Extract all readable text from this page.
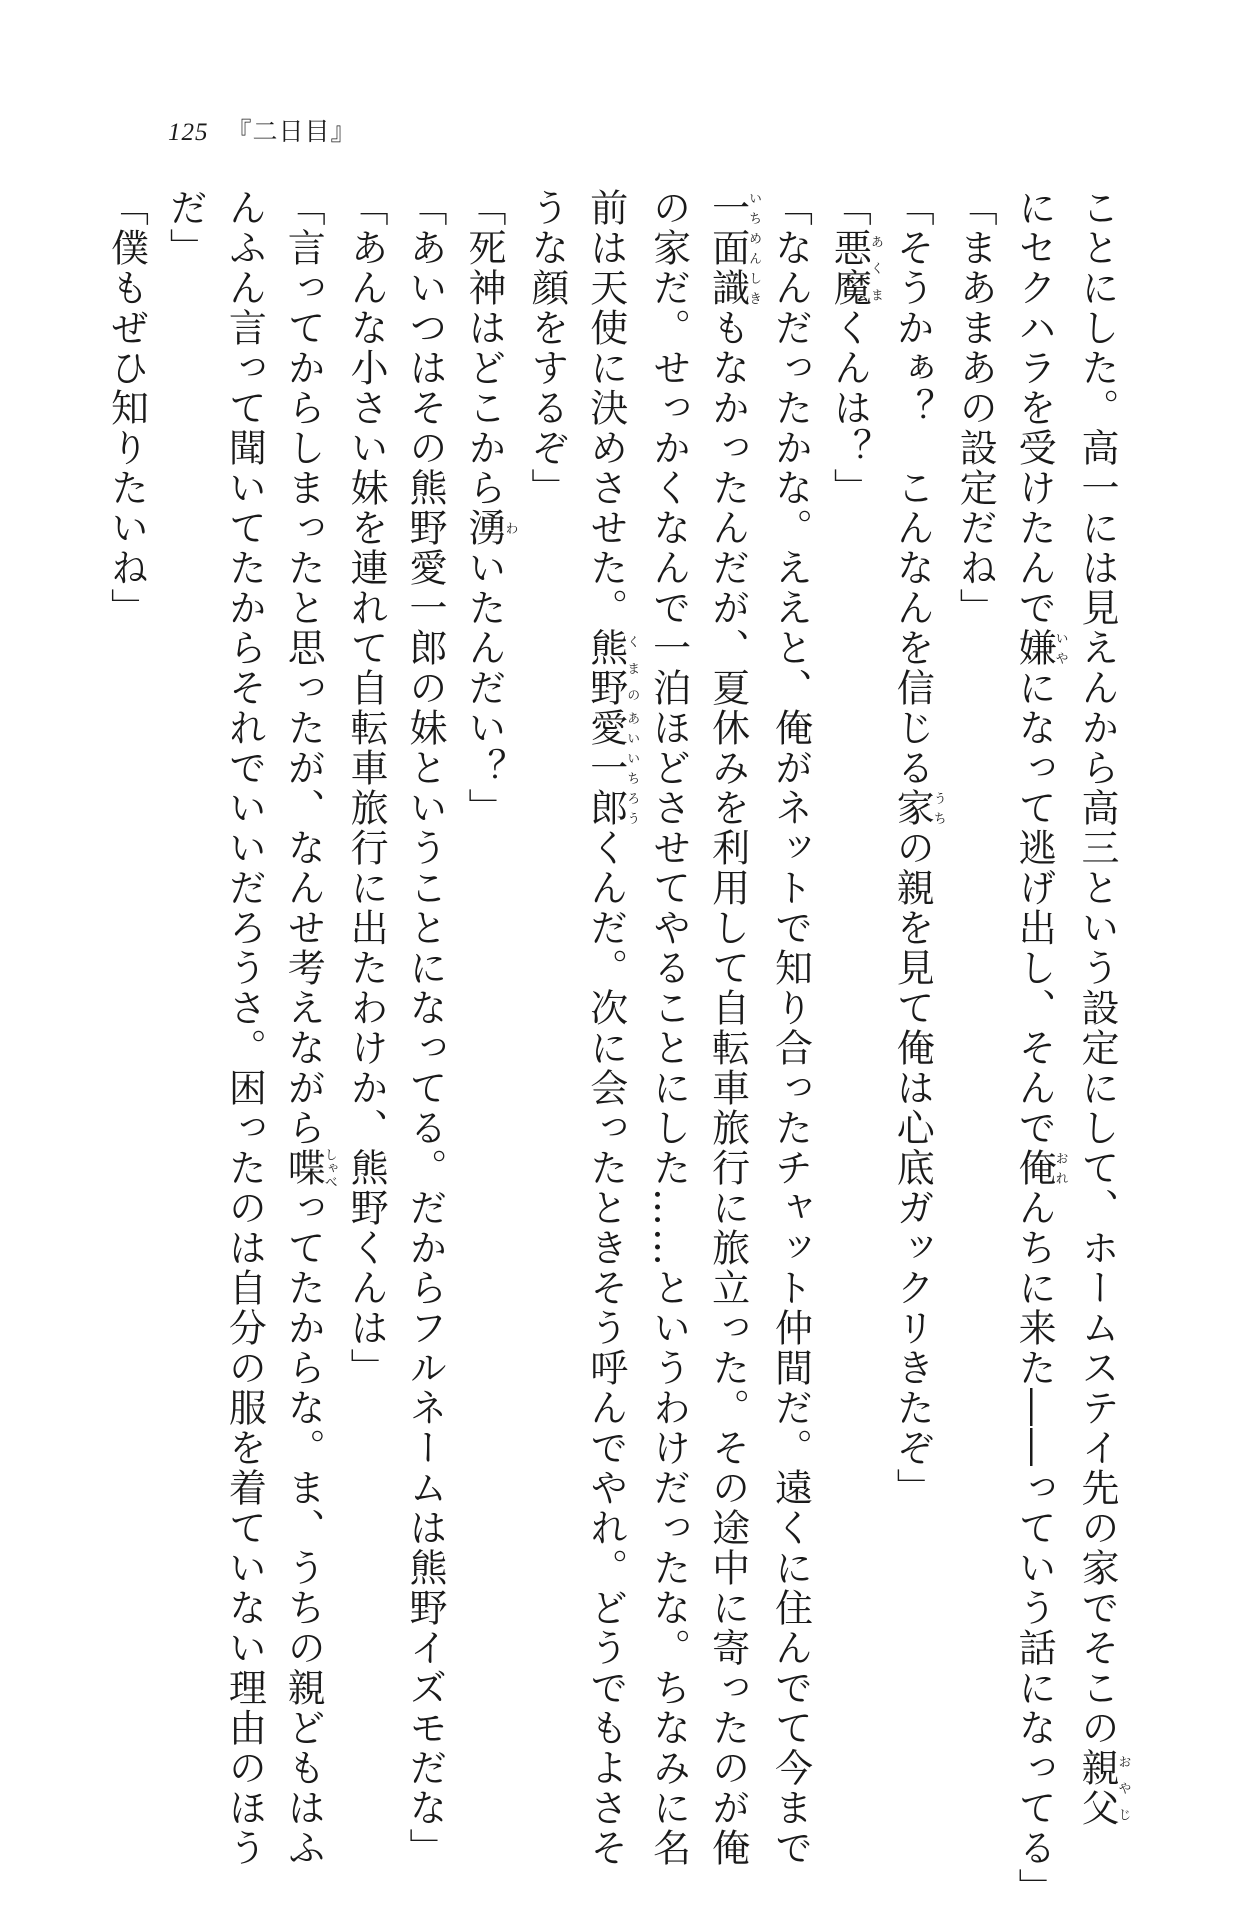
125 『二日目』

ことにした。高一には見えんから高三という設定にして、ホームステイ先の家でそこの親父おやじ

にセクハラを受けたんで嫌いやになって逃げ出し、そんで俺おれんちに来た――っていう話になってる」

「まあまあの設定だね」

「そうかぁ？　こんなんを信じる家うちの親を見て俺は心底ガックリきたぞ」

「悪魔あくまくんは？」

「なんだったかな。ええと、俺がネットで知り合ったチャット仲間だ。遠くに住んでて今まで

一面識いちめんしきもなかったんだが、夏休みを利用して自転車旅行に旅立った。その途中に寄ったのが俺

の家だ。せっかくなんで一泊ほどさせてやることにした……というわけだったな。ちなみに名

前は天使に決めさせた。熊野くまの愛一郎あいいちろうくんだ。次に会ったときそう呼んでやれ。どうでもよさそ

うな顔をするぞ」

「死神はどこから湧わいたんだい？」

「あいつはその熊野愛一郎の妹ということになってる。だからフルネームは熊野イズモだな」

「あんな小さい妹を連れて自転車旅行に出たわけか、熊野くんは」

「言ってからしまったと思ったが、なんせ考えながら喋しゃべってたからな。ま、うちの親どもはふ

んふん言って聞いてたからそれでいいだろうさ。困ったのは自分の服を着ていない理由のほう

だ」

「僕もぜひ知りたいね」
